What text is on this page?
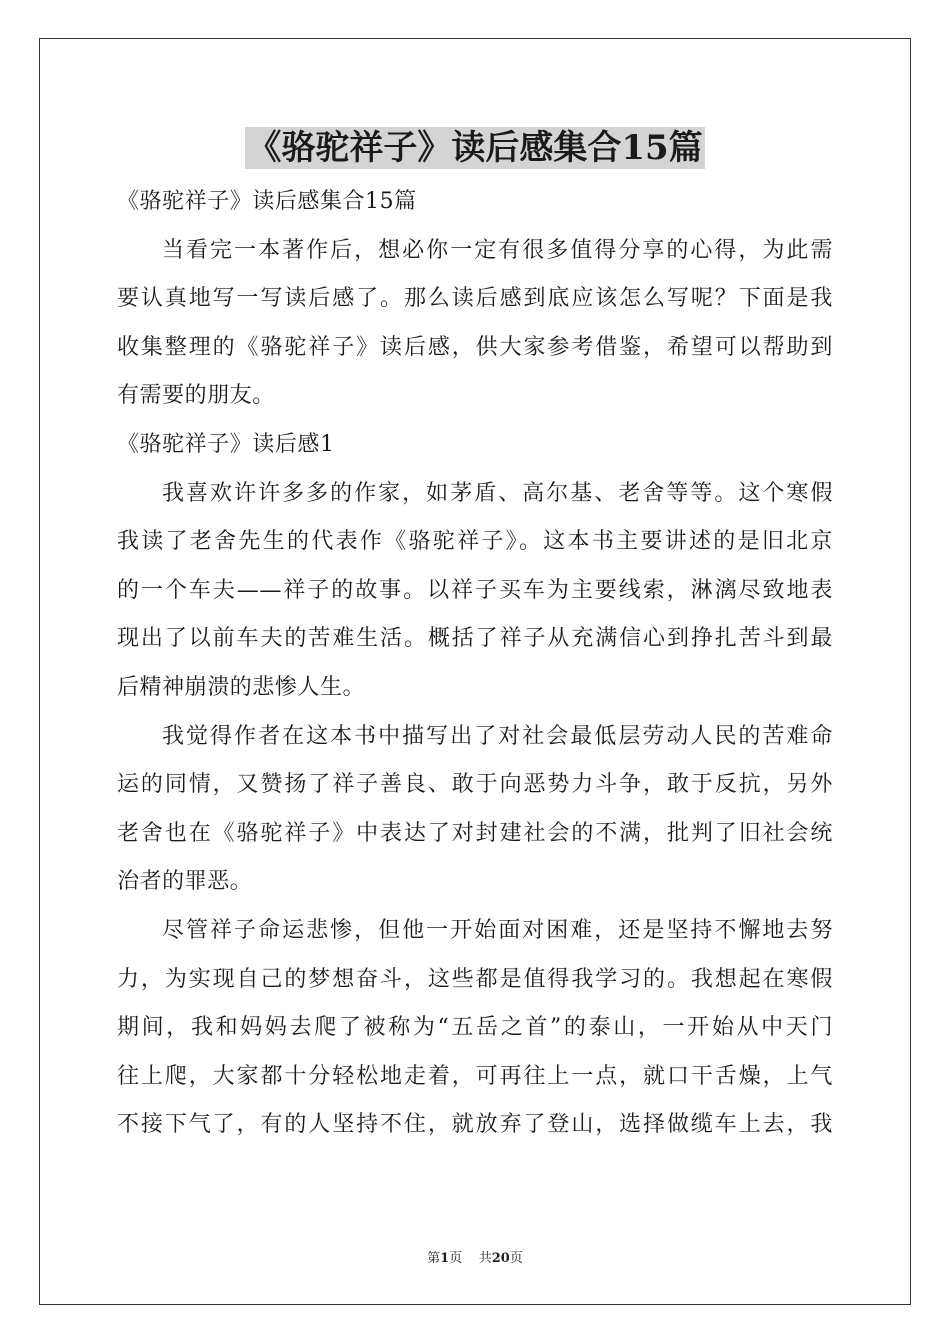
《骆驼祥子》读后感集合15篇
《骆驼祥子》读后感集合15篇
当看完一本著作后，想必你一定有很多值得分享的心得，为此需
要认真地写一写读后感了。那么读后感到底应该怎么写呢？下面是我
收集整理的《骆驼祥子》读后感，供大家参考借鉴，希望可以帮助到
有需要的朋友。
《骆驼祥子》读后感1
我喜欢许许多多的作家，如茅盾、高尔基、老舍等等。这个寒假
我读了老舍先生的代表作《骆驼祥子》。这本书主要讲述的是旧北京
的一个车夫——祥子的故事。以祥子买车为主要线索，淋漓尽致地表
现出了以前车夫的苦难生活。概括了祥子从充满信心到挣扎苦斗到最
后精神崩溃的悲惨人生。
我觉得作者在这本书中描写出了对社会最低层劳动人民的苦难命
运的同情，又赞扬了祥子善良、敢于向恶势力斗争，敢于反抗，另外
老舍也在《骆驼祥子》中表达了对封建社会的不满，批判了旧社会统
治者的罪恶。
尽管祥子命运悲惨，但他一开始面对困难，还是坚持不懈地去努
力，为实现自己的梦想奋斗，这些都是值得我学习的。我想起在寒假
期间，我和妈妈去爬了被称为“五岳之首”的泰山，一开始从中天门
往上爬，大家都十分轻松地走着，可再往上一点，就口干舌燥，上气
不接下气了，有的人坚持不住，就放弃了登山，选择做缆车上去，我
第1页 共20页
